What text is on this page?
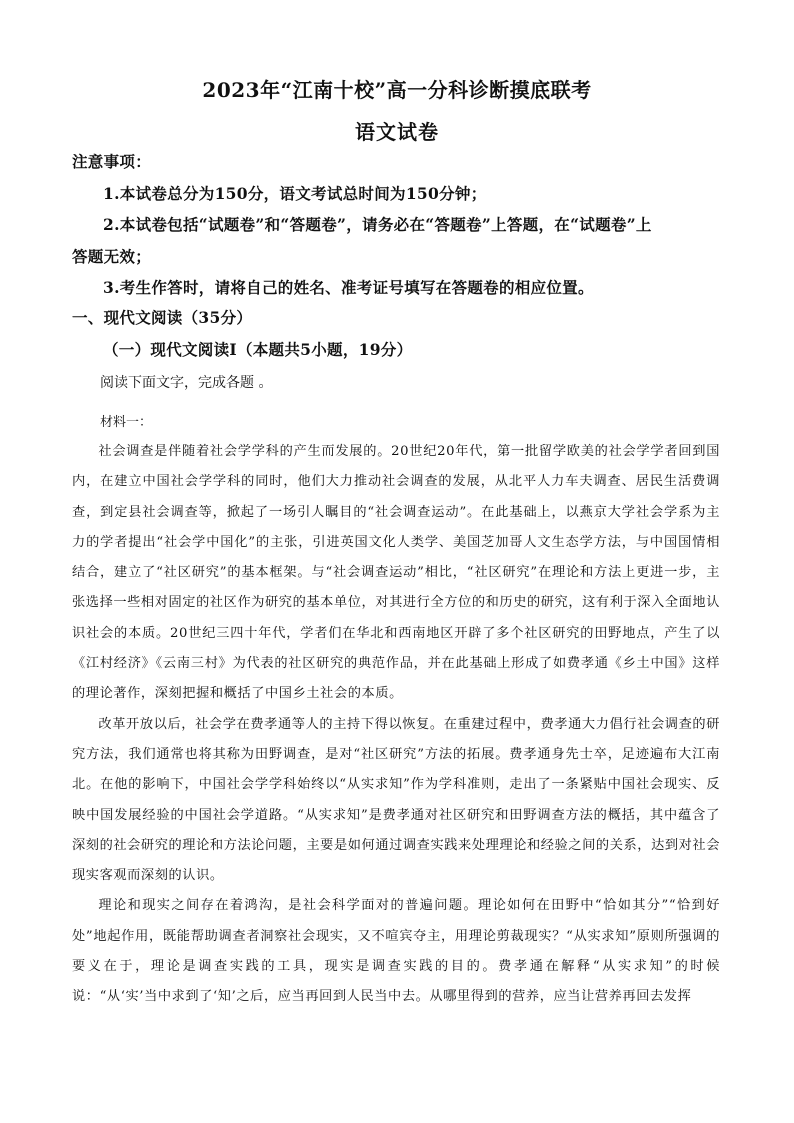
2023年“江南十校”高一分科诊断摸底联考
语文试卷
注意事项：
1.本试卷总分为150分，语文考试总时间为150分钟；
2.本试卷包括“试题卷”和“答题卷”，请务必在“答题卷”上答题，在“试题卷”上
答题无效；
3.考生作答时，请将自己的姓名、准考证号填写在答题卷的相应位置。
一、现代文阅读（35分）
（一）现代文阅读Ⅰ（本题共5小题，19分）
阅读下面文字，完成各题 。
材料一：

社会调查是伴随着社会学学科的产生而发展的。20世纪20年代，第一批留学欧美的社会学学者回到国内，在建立中国社会学学科的同时，他们大力推动社会调查的发展，从北平人力车夫调查、居民生活费调查，到定县社会调查等，掀起了一场引人瞩目的“社会调查运动”。在此基础上，以燕京大学社会学系为主力的学者提出“社会学中国化”的主张，引进英国文化人类学、美国芝加哥人文生态学方法，与中国国情相结合，建立了“社区研究”的基本框架。与“社会调查运动”相比，“社区研究”在理论和方法上更进一步，主张选择一些相对固定的社区作为研究的基本单位，对其进行全方位的和历史的研究，这有利于深入全面地认识社会的本质。20世纪三四十年代，学者们在华北和西南地区开辟了多个社区研究的田野地点，产生了以《江村经济》《云南三村》为代表的社区研究的典范作品，并在此基础上形成了如费孝通《乡土中国》这样的理论著作，深刻把握和概括了中国乡土社会的本质。

改革开放以后，社会学在费孝通等人的主持下得以恢复。在重建过程中，费孝通大力倡行社会调查的研究方法，我们通常也将其称为田野调查，是对“社区研究”方法的拓展。费孝通身先士卒，足迹遍布大江南北。在他的影响下，中国社会学学科始终以“从实求知”作为学科准则，走出了一条紧贴中国社会现实、反映中国发展经验的中国社会学道路。“从实求知”是费孝通对社区研究和田野调查方法的概括，其中蕴含了深刻的社会研究的理论和方法论问题，主要是如何通过调查实践来处理理论和经验之间的关系，达到对社会现实客观而深刻的认识。

理论和现实之间存在着鸿沟，是社会科学面对的普遍问题。理论如何在田野中“恰如其分”“恰到好处”地起作用，既能帮助调查者洞察社会现实，又不喧宾夺主，用理论剪裁现实？“从实求知”原则所强调的要义在于，理论是调查实践的工具，现实是调查实践的目的。费孝通在解释“从实求知”的时候说：“从‘实’当中求到了‘知’之后，应当再回到人民当中去。从哪里得到的营养，应当让营养再回去发挥
